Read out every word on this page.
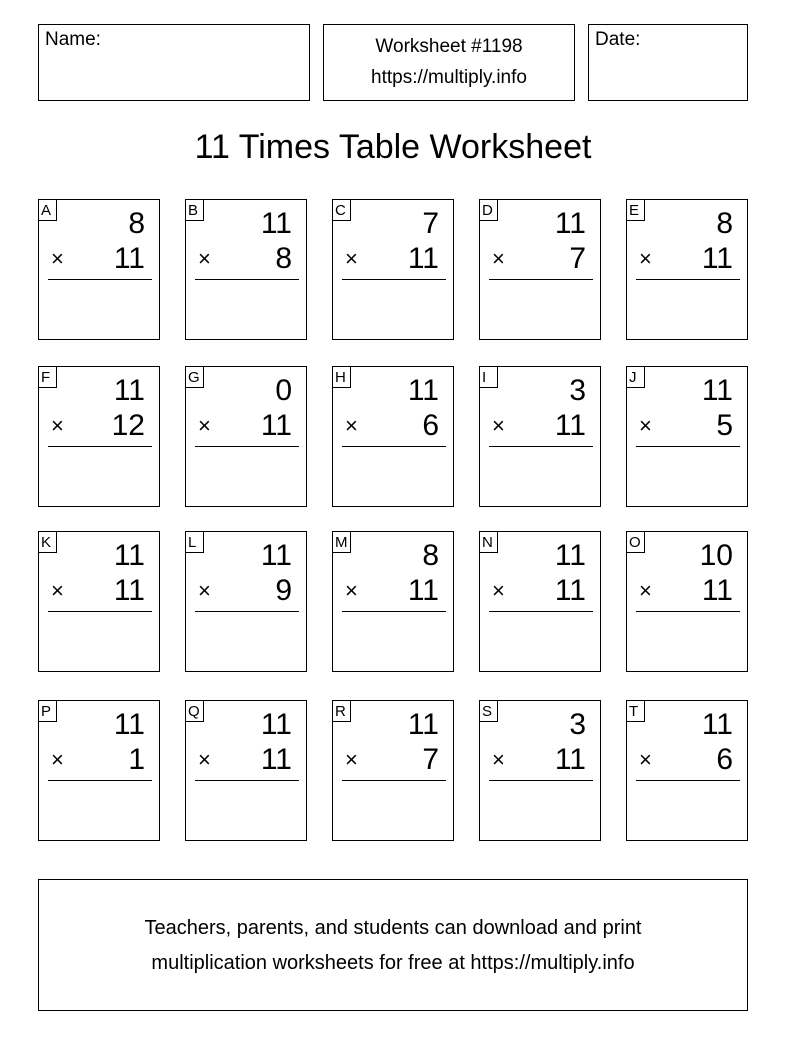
Name:	Worksheet #1198
https://multiply.info
Date:
11 Times Table Worksheet
A	8
× 11
B 11
× 8
C	7
× 11
D 11
× 7
E	8
× 11
F 11
× 12
G	0
× 11
H 11
× 6
I	3
× 11
J 11
× 5
K 11
× 11
L 11
× 9
M 8
× 11
N 11
× 11
O 10
× 11
P 11
× 1
Q 11
× 11
R 11
× 7
S	3
× 11
T 11
× 6
Teachers, parents, and students can download and print
multiplication worksheets for free at https://multiply.info
